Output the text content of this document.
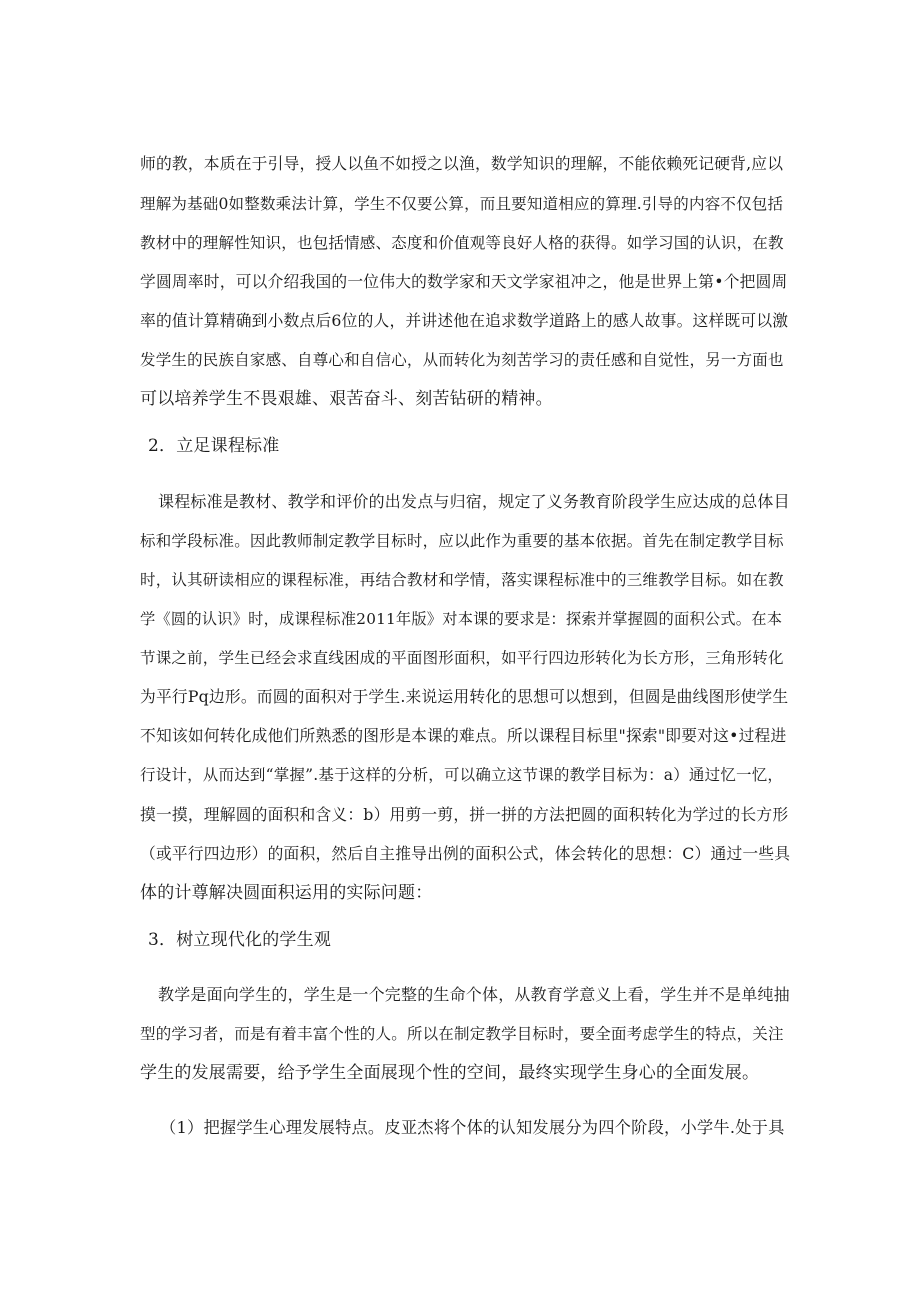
师的教，本质在于引导，授人以鱼不如授之以渔，数学知识的理解，不能依赖死记硬背,应以
理解为基础0如整数乘法计算，学生不仅要公算，而且要知道相应的算理.引导的内容不仅包括
教材中的理解性知识，也包括情感、态度和价值观等良好人格的获得。如学习国的认识，在教
学圆周率时，可以介绍我国的一位伟大的数学家和天文学家祖冲之，他是世界上第•个把圆周
率的值计算精确到小数点后6位的人，并讲述他在追求数学道路上的感人故事。这样既可以激
发学生的民族自家感、自尊心和自信心，从而转化为刻苦学习的责任感和自觉性，另一方面也
可以培养学生不畏艰雄、艰苦奋斗、刻苦钻研的精神。
2．立足课程标准
课程标准是教材、教学和评价的出发点与归宿，规定了义务教育阶段学生应达成的总体目
标和学段标准。因此教师制定教学目标时，应以此作为重要的基本依据。首先在制定教学目标
时，认其研读相应的课程标准，再结合教材和学情，落实课程标准中的三维教学目标。如在教
学《圆的认识》时，成课程标准2011年版》对本课的要求是：探索并掌握圆的面积公式。在本
节课之前，学生已经会求直线困成的平面图形面积，如平行四边形转化为长方形，三角形转化
为平行Pq边形。而圆的面积对于学生.来说运用转化的思想可以想到，但圆是曲线图形使学生
不知该如何转化成他们所熟悉的图形是本课的难点。所以课程目标里"探索"即要对这•过程进
行设计，从而达到“掌握”.基于这样的分析，可以确立这节课的教学目标为：a）通过忆一忆，
摸一摸，理解圆的面积和含义：b）用剪一剪，拼一拼的方法把圆的面积转化为学过的长方形
（或平行四边形）的面积，然后自主推导出例的面积公式，体会转化的思想：C）通过一些具
体的计尊解决圆面积运用的实际问题：
3．树立现代化的学生观
教学是面向学生的，学生是一个完整的生命个体，从教育学意义上看，学生并不是单纯抽
型的学习者，而是有着丰富个性的人。所以在制定教学目标时，要全面考虑学生的特点，关注
学生的发展需要，给予学生全面展现个性的空间，最终实现学生身心的全面发展。
（1）把握学生心理发展特点。皮亚杰将个体的认知发展分为四个阶段，小学牛.处于具
